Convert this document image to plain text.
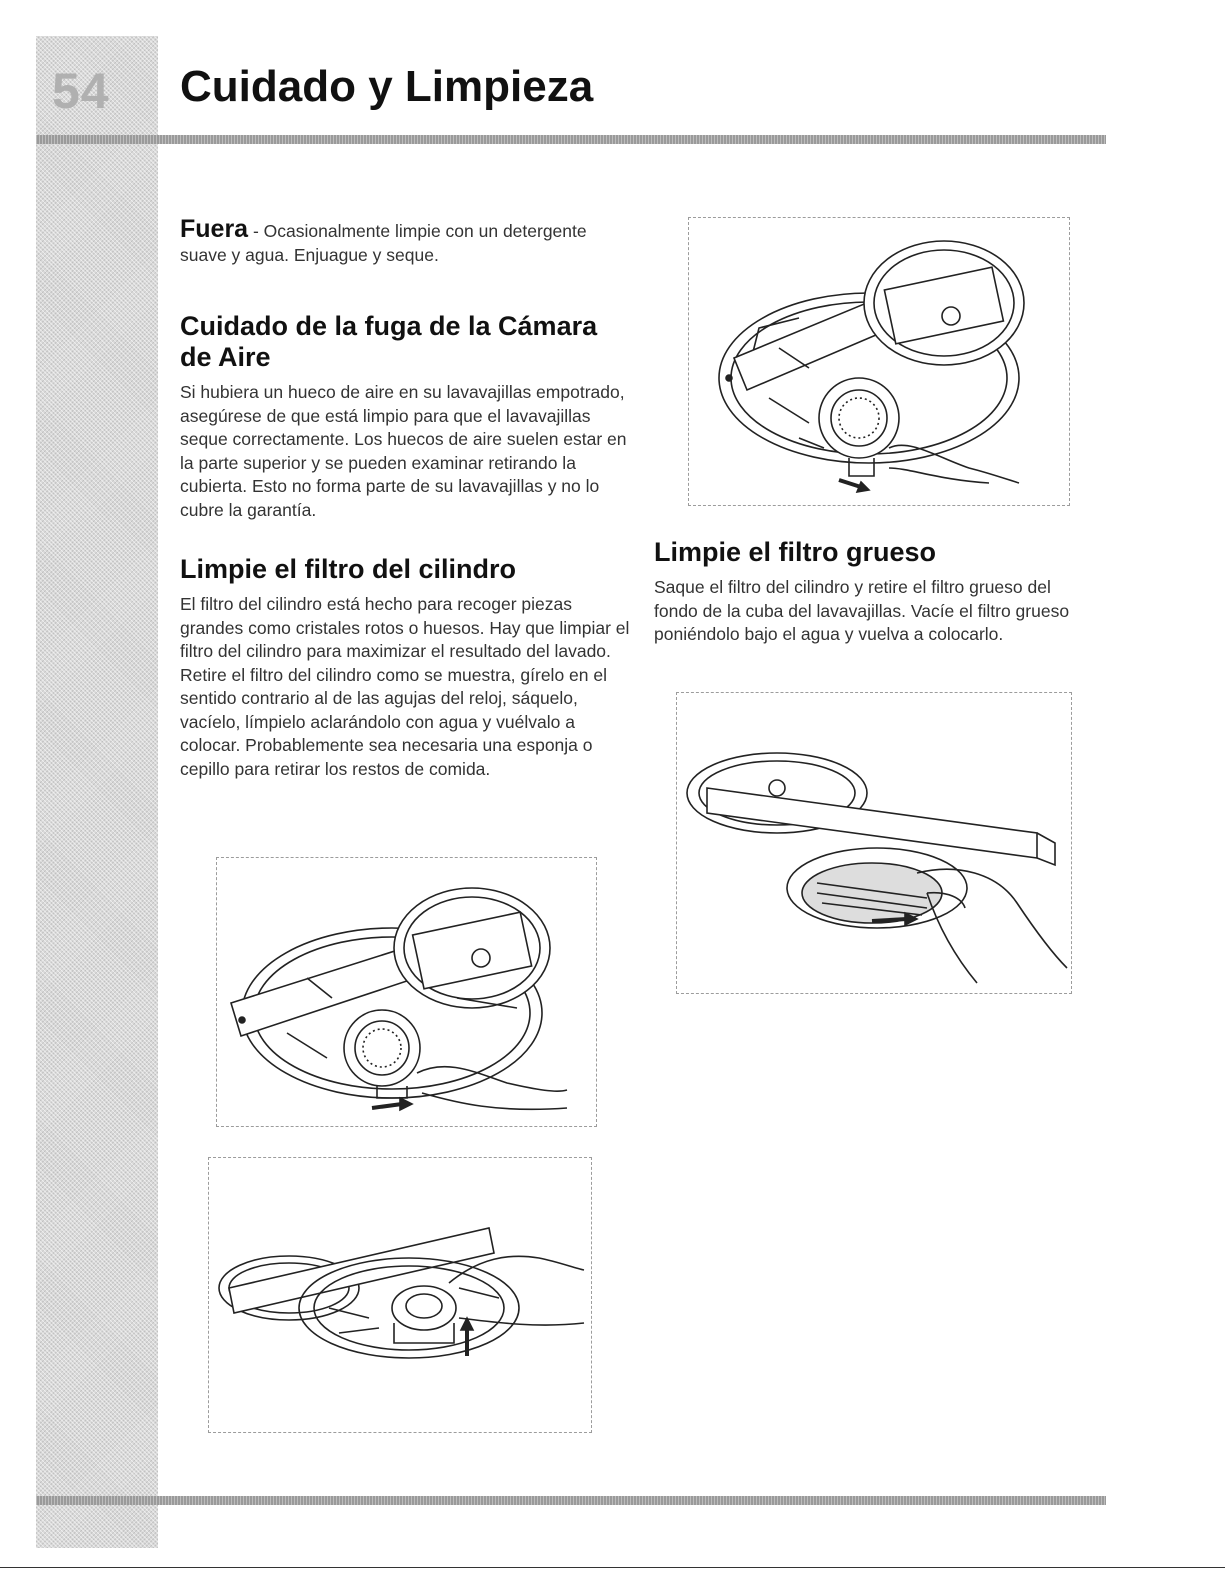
54	Cuidado y Limpieza

Fuera - Ocasionalmente limpie con un detergente suave y agua. Enjuague y seque.

Cuidado de la fuga de la Cámara de Aire

Si hubiera un hueco de aire en su lavavajillas empotrado, asegúrese de que está limpio para que el lavavajillas seque correctamente. Los huecos de aire suelen estar en la parte superior y se pueden examinar retirando la cubierta. Esto no forma parte de su lavavajillas y no lo cubre la garantía.

Limpie el filtro del cilindro

El filtro del cilindro está hecho para recoger piezas grandes como cristales rotos o huesos. Hay que limpiar el filtro del cilindro para maximizar el resultado del lavado. Retire el filtro del cilindro como se muestra, gírelo en el sentido contrario al de las agujas del reloj, sáquelo, vacíelo, límpielo aclarándolo con agua y vuélvalo a colocar. Probablemente sea necesaria una esponja o cepillo para retirar los restos de comida.

Limpie el filtro grueso

Saque el filtro del cilindro y retire el filtro grueso del fondo de la cuba del lavavajillas. Vacíe el filtro grueso poniéndolo bajo el agua y vuelva a colocarlo.
